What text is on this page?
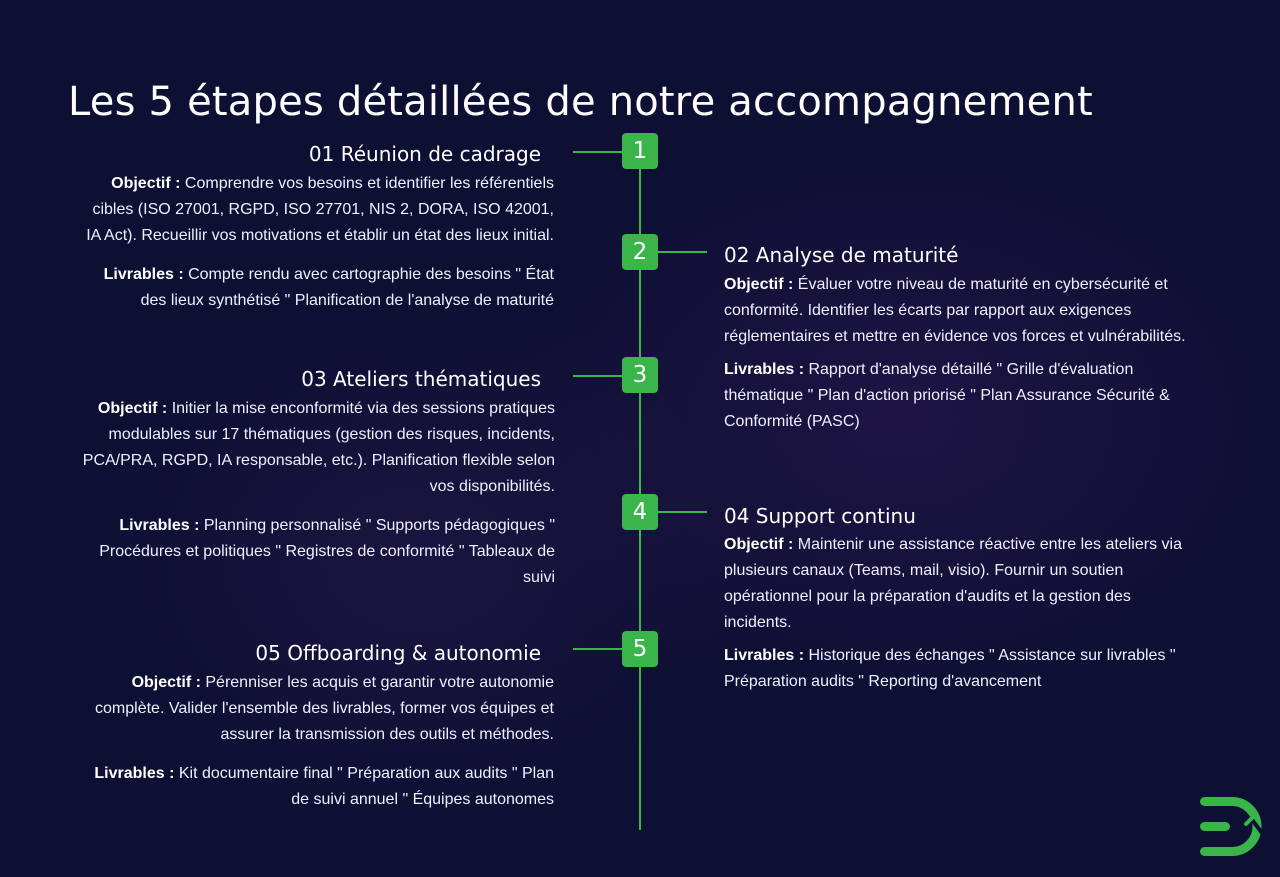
Les 5 étapes détaillées de notre accompagnement
1
01 Réunion de cadrage
Objectif : Comprendre vos besoins et identifier les référentiels cibles (ISO 27001, RGPD, ISO 27701, NIS 2, DORA, ISO 42001, IA Act). Recueillir vos motivations et établir un état des lieux initial.
Livrables : Compte rendu avec cartographie des besoins " État des lieux synthétisé " Planification de l'analyse de maturité
2	02 Analyse de maturité
Objectif : Évaluer votre niveau de maturité en cybersécurité et conformité. Identifier les écarts par rapport aux exigences réglementaires et mettre en évidence vos forces et vulnérabilités.
Livrables : Rapport d'analyse détaillé " Grille d'évaluation thématique " Plan d'action priorisé " Plan Assurance Sécurité & Conformité (PASC)
3
03 Ateliers thématiques
Objectif : Initier la mise enconformité via des sessions pratiques modulables sur 17 thématiques (gestion des risques, incidents, PCA/PRA, RGPD, IA responsable, etc.). Planification flexible selon vos disponibilités.
Livrables : Planning personnalisé " Supports pédagogiques " Procédures et politiques " Registres de conformité " Tableaux de suivi
4	04 Support continu
Objectif : Maintenir une assistance réactive entre les ateliers via plusieurs canaux (Teams, mail, visio). Fournir un soutien opérationnel pour la préparation d'audits et la gestion des incidents.
Livrables : Historique des échanges " Assistance sur livrables " Préparation audits " Reporting d'avancement
5
05 Offboarding & autonomie
Objectif : Pérenniser les acquis et garantir votre autonomie complète. Valider l'ensemble des livrables, former vos équipes et assurer la transmission des outils et méthodes.
Livrables : Kit documentaire final " Préparation aux audits " Plan de suivi annuel " Équipes autonomes
